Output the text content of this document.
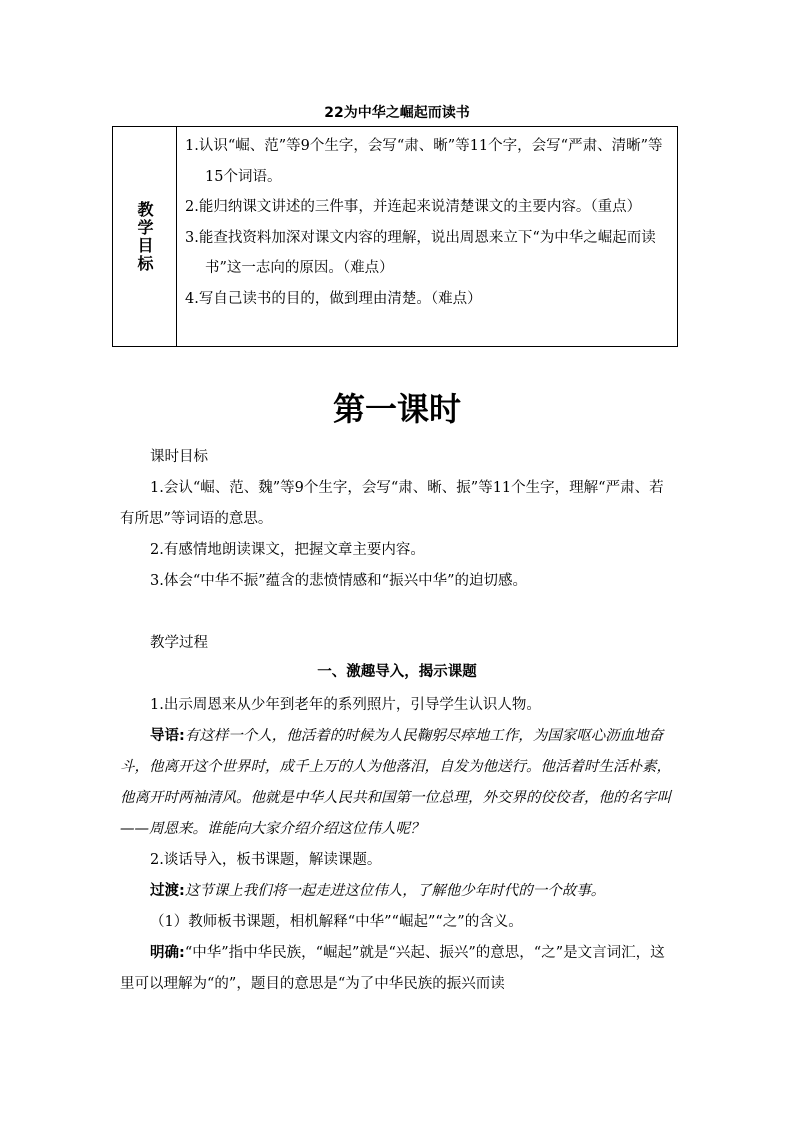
22为中华之崛起而读书
教学目标

1.认识“崛、范”等9个生字，会写“肃、晰”等11个字，会写“严肃、清晰”等15个词语。

2.能归纳课文讲述的三件事，并连起来说清楚课文的主要内容。（重点）

3.能查找资料加深对课文内容的理解，说出周恩来立下“为中华之崛起而读书”这一志向的原因。（难点）

4.写自己读书的目的，做到理由清楚。（难点）

第一课时

课时目标

1.会认“崛、范、魏”等9个生字，会写“肃、晰、振”等11个生字，理解“严肃、若有所思”等词语的意思。

2.有感情地朗读课文，把握文章主要内容。

3.体会“中华不振”蕴含的悲愤情感和“振兴中华”的迫切感。

教学过程

一、激趣导入，揭示课题

1.出示周恩来从少年到老年的系列照片，引导学生认识人物。

导语:有这样一个人，他活着的时候为人民鞠躬尽瘁地工作，为国家呕心沥血地奋斗，他离开这个世界时，成千上万的人为他落泪，自发为他送行。他活着时生活朴素，他离开时两袖清风。他就是中华人民共和国第一位总理，外交界的佼佼者，他的名字叫——周恩来。谁能向大家介绍介绍这位伟人呢？

2.谈话导入，板书课题，解读课题。

过渡:这节课上我们将一起走进这位伟人，了解他少年时代的一个故事。

（1）教师板书课题，相机解释“中华”“崛起”“之”的含义。

明确:“中华”指中华民族，“崛起”就是“兴起、振兴”的意思，“之”是文言词汇，这里可以理解为“的”，题目的意思是“为了中华民族的振兴而读
